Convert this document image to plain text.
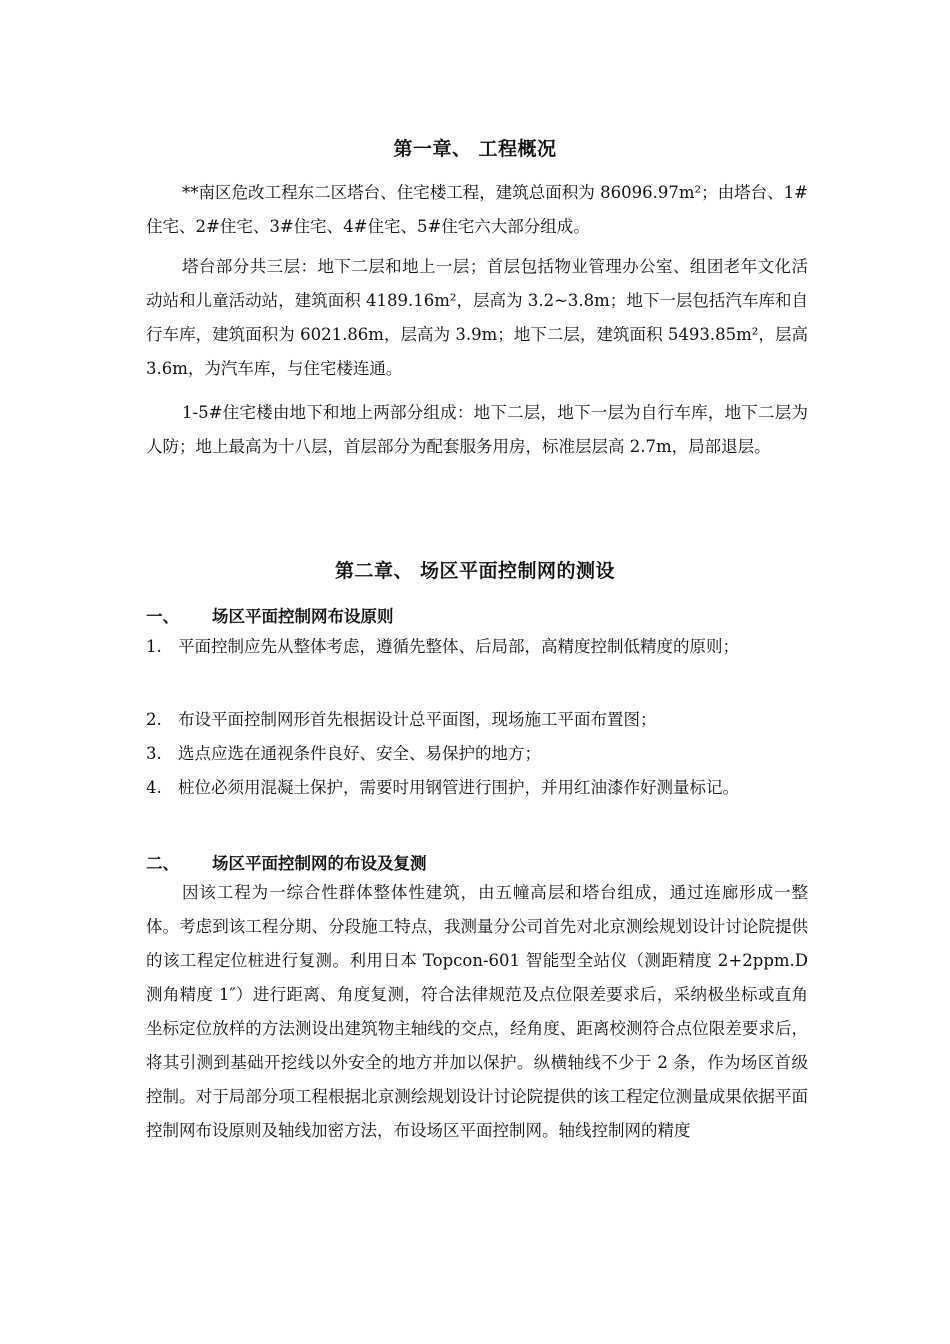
第一章、 工程概况

**南区危改工程东二区塔台、住宅楼工程，建筑总面积为 86096.97m²；由塔台、1#住宅、2#住宅、3#住宅、4#住宅、5#住宅六大部分组成。

塔台部分共三层：地下二层和地上一层；首层包括物业管理办公室、组团老年文化活动站和儿童活动站，建筑面积 4189.16m²，层高为 3.2~3.8m；地下一层包括汽车库和自行车库，建筑面积为 6021.86m，层高为 3.9m；地下二层，建筑面积 5493.85m²，层高 3.6m，为汽车库，与住宅楼连通。

1-5#住宅楼由地下和地上两部分组成：地下二层，地下一层为自行车库，地下二层为人防；地上最高为十八层，首层部分为配套服务用房，标准层层高 2.7m，局部退层。

第二章、 场区平面控制网的测设
一、 场区平面控制网布设原则

1. 平面控制应先从整体考虑，遵循先整体、后局部，高精度控制低精度的原则；

2. 布设平面控制网形首先根据设计总平面图，现场施工平面布置图；

3. 选点应选在通视条件良好、安全、易保护的地方；

4. 桩位必须用混凝土保护，需要时用钢管进行围护，并用红油漆作好测量标记。

二、 场区平面控制网的布设及复测

因该工程为一综合性群体整体性建筑，由五幢高层和塔台组成，通过连廊形成一整体。考虑到该工程分期、分段施工特点，我测量分公司首先对北京测绘规划设计讨论院提供的该工程定位桩进行复测。利用日本 Topcon-601 智能型全站仪（测距精度 2+2ppm.D 测角精度 1″）进行距离、角度复测，符合法律规范及点位限差要求后，采纳极坐标或直角坐标定位放样的方法测设出建筑物主轴线的交点，经角度、距离校测符合点位限差要求后，将其引测到基础开挖线以外安全的地方并加以保护。纵横轴线不少于 2 条，作为场区首级控制。对于局部分项工程根据北京测绘规划设计讨论院提供的该工程定位测量成果依据平面控制网布设原则及轴线加密方法，布设场区平面控制网。轴线控制网的精度
